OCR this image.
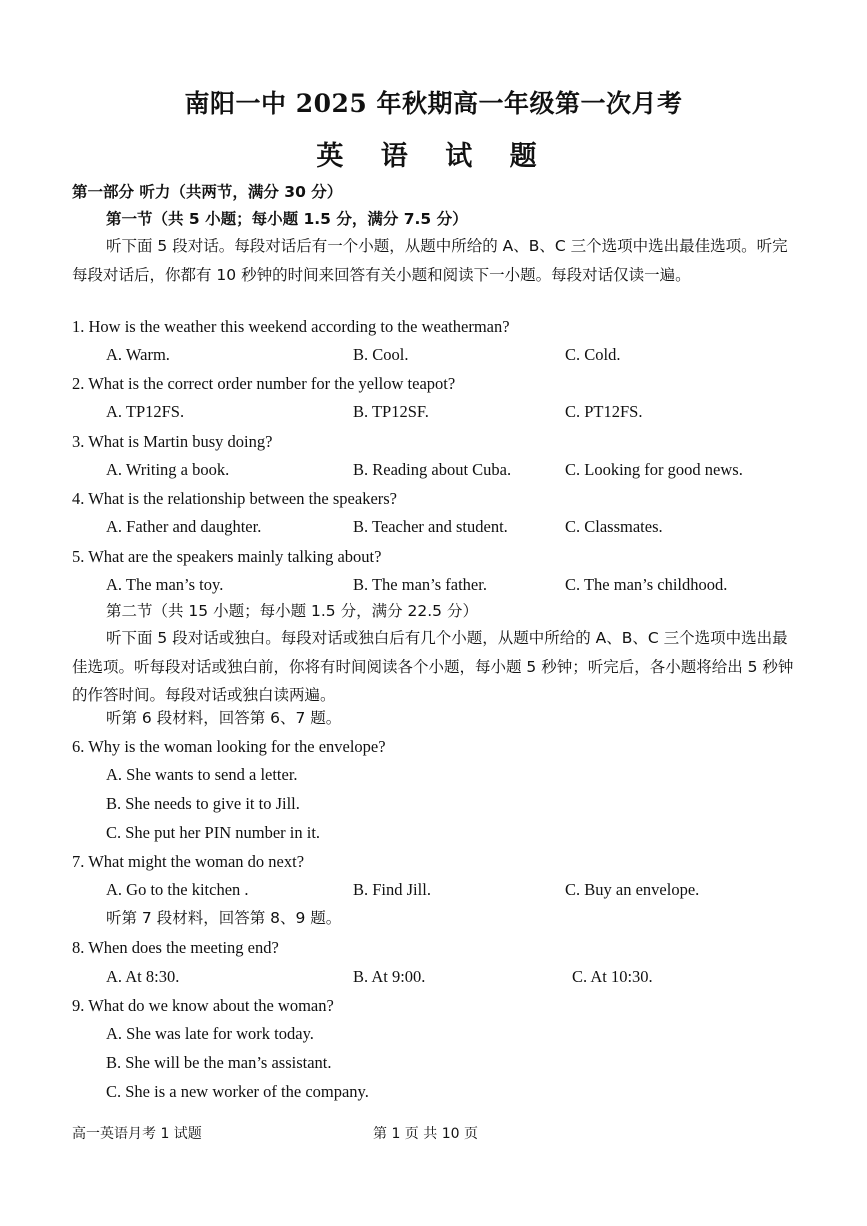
南阳一中 2025 年秋期高一年级第一次月考
英 语 试 题
第一部分 听力（共两节，满分 30 分）
第一节（共 5 小题；每小题 1.5 分，满分 7.5 分）
听下面 5 段对话。每段对话后有一个小题，从题中所给的 A、B、C 三个选项中选出最佳选项。听完每段对话后，你都有 10 秒钟的时间来回答有关小题和阅读下一小题。每段对话仅读一遍。
1. How is the weather this weekend according to the weatherman?
A. Warm.	B. Cool.	C. Cold.
2. What is the correct order number for the yellow teapot?
A. TP12FS.	B. TP12SF.	C. PT12FS.
3. What is Martin busy doing?
A. Writing a book.	B. Reading about Cuba.	C. Looking for good news.
4. What is the relationship between the speakers?
A. Father and daughter.	B. Teacher and student.	C. Classmates.
5. What are the speakers mainly talking about?
A. The man’s toy.	B. The man’s father.	C. The man’s childhood.
第二节（共 15 小题；每小题 1.5 分，满分 22.5 分）
听下面 5 段对话或独白。每段对话或独白后有几个小题，从题中所给的 A、B、C 三个选项中选出最佳选项。听每段对话或独白前，你将有时间阅读各个小题，每小题 5 秒钟；听完后，各小题将给出 5 秒钟的作答时间。每段对话或独白读两遍。
听第 6 段材料，回答第 6、7 题。
6. Why is the woman looking for the envelope?
A. She wants to send a letter.
B. She needs to give it to Jill.
C. She put her PIN number in it.
7. What might the woman do next?
A. Go to the kitchen .	B. Find Jill.	C. Buy an envelope.
听第 7 段材料，回答第 8、9 题。
8. When does the meeting end?
A. At 8:30.	B. At 9:00.	C. At 10:30.
9. What do we know about the woman?
A. She was late for work today.
B. She will be the man’s assistant.
C. She is a new worker of the company.
高一英语月考 1 试题	第 1 页 共 10 页
